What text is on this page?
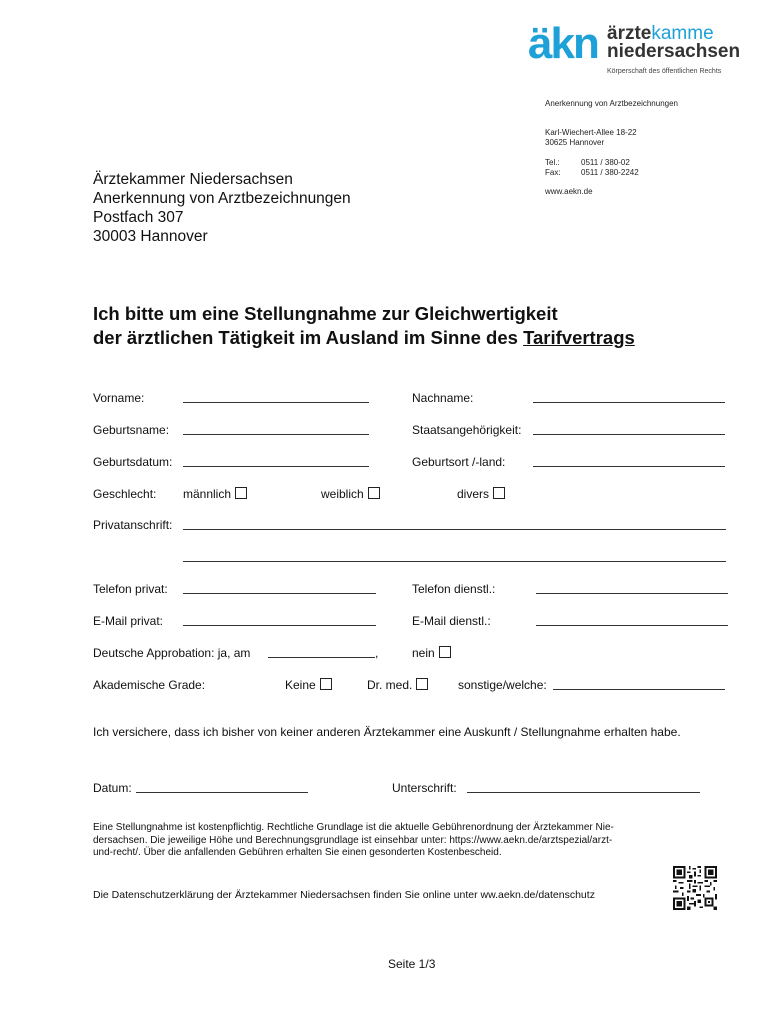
äkn ärztekamme
niedersachsen
Körperschaft des öffentlichen Rechts
Anerkennung von Arztbezeichnungen
Karl-Wiechert-Allee 18-22
30625 Hannover
Tel.:	0511 / 380-02
Fax:	0511 / 380-2242
www.aekn.de
Ärztekammer Niedersachsen
Anerkennung von Arztbezeichnungen
Postfach 307
30003 Hannover
Ich bitte um eine Stellungnahme zur Gleichwertigkeit
der ärztlichen Tätigkeit im Ausland im Sinne des Tarifvertrags
Vorname:	Nachname:
Geburtsname:	Staatsangehörigkeit:
Geburtsdatum:	Geburtsort /-land:
Geschlecht: männlich	weiblich	divers
Privatanschrift:
Telefon privat:	Telefon dienstl.:
E-Mail privat:	E-Mail dienstl.:
Deutsche Approbation: ja, am	,	nein
Akademische Grade:	Keine	Dr. med.	sonstige/welche:
Ich versichere, dass ich bisher von keiner anderen Ärztekammer eine Auskunft / Stellungnahme erhalten habe.
Datum:	Unterschrift:
Eine Stellungnahme ist kostenpflichtig. Rechtliche Grundlage ist die aktuelle Gebührenordnung der Ärztekammer Nie-
dersachsen. Die jeweilige Höhe und Berechnungsgrundlage ist einsehbar unter: https://www.aekn.de/arztspezial/arzt-
und-recht/. Über die anfallenden Gebühren erhalten Sie einen gesonderten Kostenbescheid.
Die Datenschutzerklärung der Ärztekammer Niedersachsen finden Sie online unter ww.aekn.de/datenschutz
Seite 1/3
